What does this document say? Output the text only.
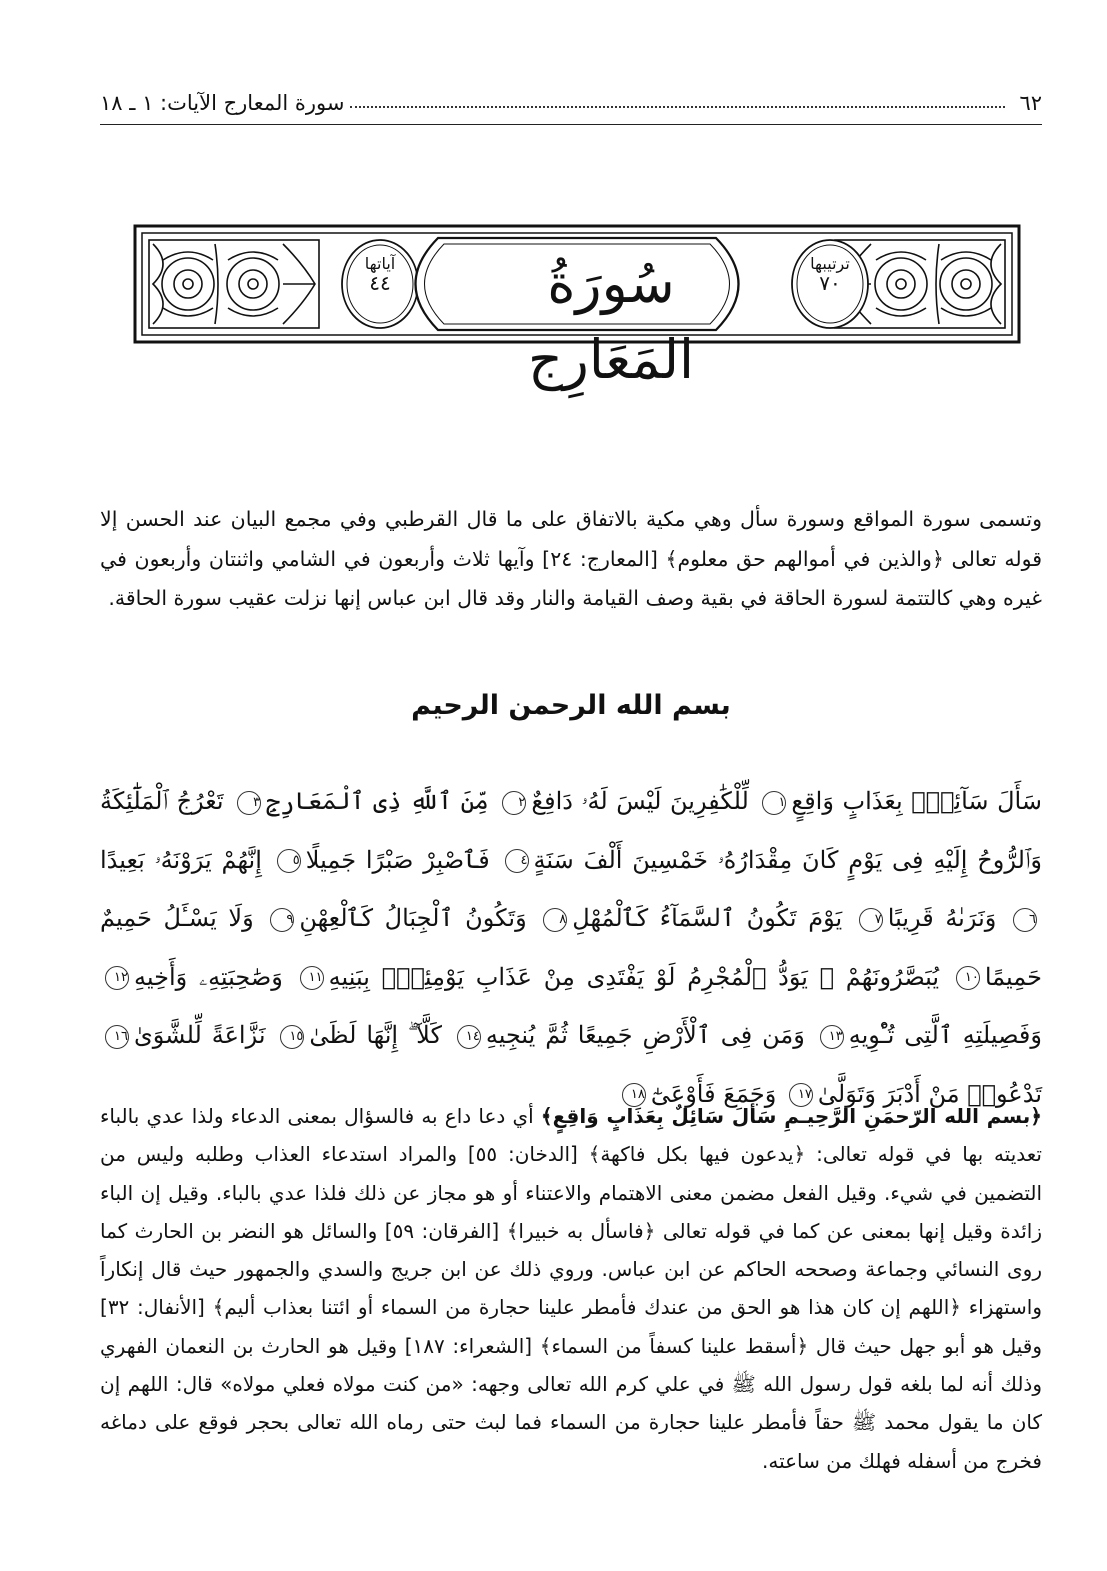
٦٢
سورة المعارج الآيات: ١ ـ ١٨
سُورَةُ المَعَارِج
ترتيبها
٧٠
آياتها
٤٤
وتسمى سورة المواقع وسورة سأل وهي مكية بالاتفاق على ما قال القرطبي وفي مجمع البيان عند الحسن إلا قوله تعالى ﴿والذين في أموالهم حق معلوم﴾ [المعارج: ٢٤] وآيها ثلاث وأربعون في الشامي واثنتان وأربعون في غيره وهي كالتتمة لسورة الحاقة في بقية وصف القيامة والنار وقد قال ابن عباس إنها نزلت عقيب سورة الحاقة.
بسم الله الرحمن الرحيم
سَأَلَ سَآئِلُۢ بِعَذَابٍ وَاقِعٍ١ لِّلْكَٰفِرِينَ لَيْسَ لَهُۥ دَافِعٌ٢ مِّنَ ٱللَّهِ ذِى ٱلْمَعَارِجِ٣ تَعْرُجُ ٱلْمَلَٰٓئِكَةُ وَٱلرُّوحُ إِلَيْهِ فِى يَوْمٍ كَانَ مِقْدَارُهُۥ خَمْسِينَ أَلْفَ سَنَةٍ٤ فَٱصْبِرْ صَبْرًا جَمِيلًا٥ إِنَّهُمْ يَرَوْنَهُۥ بَعِيدًا٦ وَنَرَىٰهُ قَرِيبًا٧ يَوْمَ تَكُونُ ٱلسَّمَآءُ كَٱلْمُهْلِ٨ وَتَكُونُ ٱلْجِبَالُ كَٱلْعِهْنِ٩ وَلَا يَسْـَٔلُ حَمِيمٌ حَمِيمًا١٠ يُبَصَّرُونَهُمْ ۚ يَوَدُّ ٱلْمُجْرِمُ لَوْ يَفْتَدِى مِنْ عَذَابِ يَوْمِئِذٍۭ بِبَنِيهِ١١ وَصَٰحِبَتِهِۦ وَأَخِيهِ١٢ وَفَصِيلَتِهِ ٱلَّتِى تُـْٔوِيهِ١٣ وَمَن فِى ٱلْأَرْضِ جَمِيعًا ثُمَّ يُنجِيهِ١٤ كَلَّآ ۖ إِنَّهَا لَظَىٰ١٥ نَزَّاعَةً لِّلشَّوَىٰ١٦ تَدْعُوا۟ مَنْ أَدْبَرَ وَتَوَلَّىٰ١٧ وَجَمَعَ فَأَوْعَىٰٓ١٨
﴿بسم الله الرّحمَنِ الرَّحِيـمِ سَأَلَ سَائِلٌ بِعَذَابٍ وَاقِعٍ﴾ أي دعا داع به فالسؤال بمعنى الدعاء ولذا عدي بالباء تعديته بها في قوله تعالى: ﴿يدعون فيها بكل فاكهة﴾ [الدخان: ٥٥] والمراد استدعاء العذاب وطلبه وليس من التضمين في شيء. وقيل الفعل مضمن معنى الاهتمام والاعتناء أو هو مجاز عن ذلك فلذا عدي بالباء. وقيل إن الباء زائدة وقيل إنها بمعنى عن كما في قوله تعالى ﴿فاسأل به خبيرا﴾ [الفرقان: ٥٩] والسائل هو النضر بن الحارث كما روى النسائي وجماعة وصححه الحاكم عن ابن عباس. وروي ذلك عن ابن جريج والسدي والجمهور حيث قال إنكاراً واستهزاء ﴿اللهم إن كان هذا هو الحق من عندك فأمطر علينا حجارة من السماء أو ائتنا بعذاب أليم﴾ [الأنفال: ٣٢] وقيل هو أبو جهل حيث قال ﴿أسقط علينا كسفاً من السماء﴾ [الشعراء: ١٨٧] وقيل هو الحارث بن النعمان الفهري وذلك أنه لما بلغه قول رسول الله ﷺ في علي كرم الله تعالى وجهه: «من كنت مولاه فعلي مولاه» قال: اللهم إن كان ما يقول محمد ﷺ حقاً فأمطر علينا حجارة من السماء فما لبث حتى رماه الله تعالى بحجر فوقع على دماغه فخرج من أسفله فهلك من ساعته.
